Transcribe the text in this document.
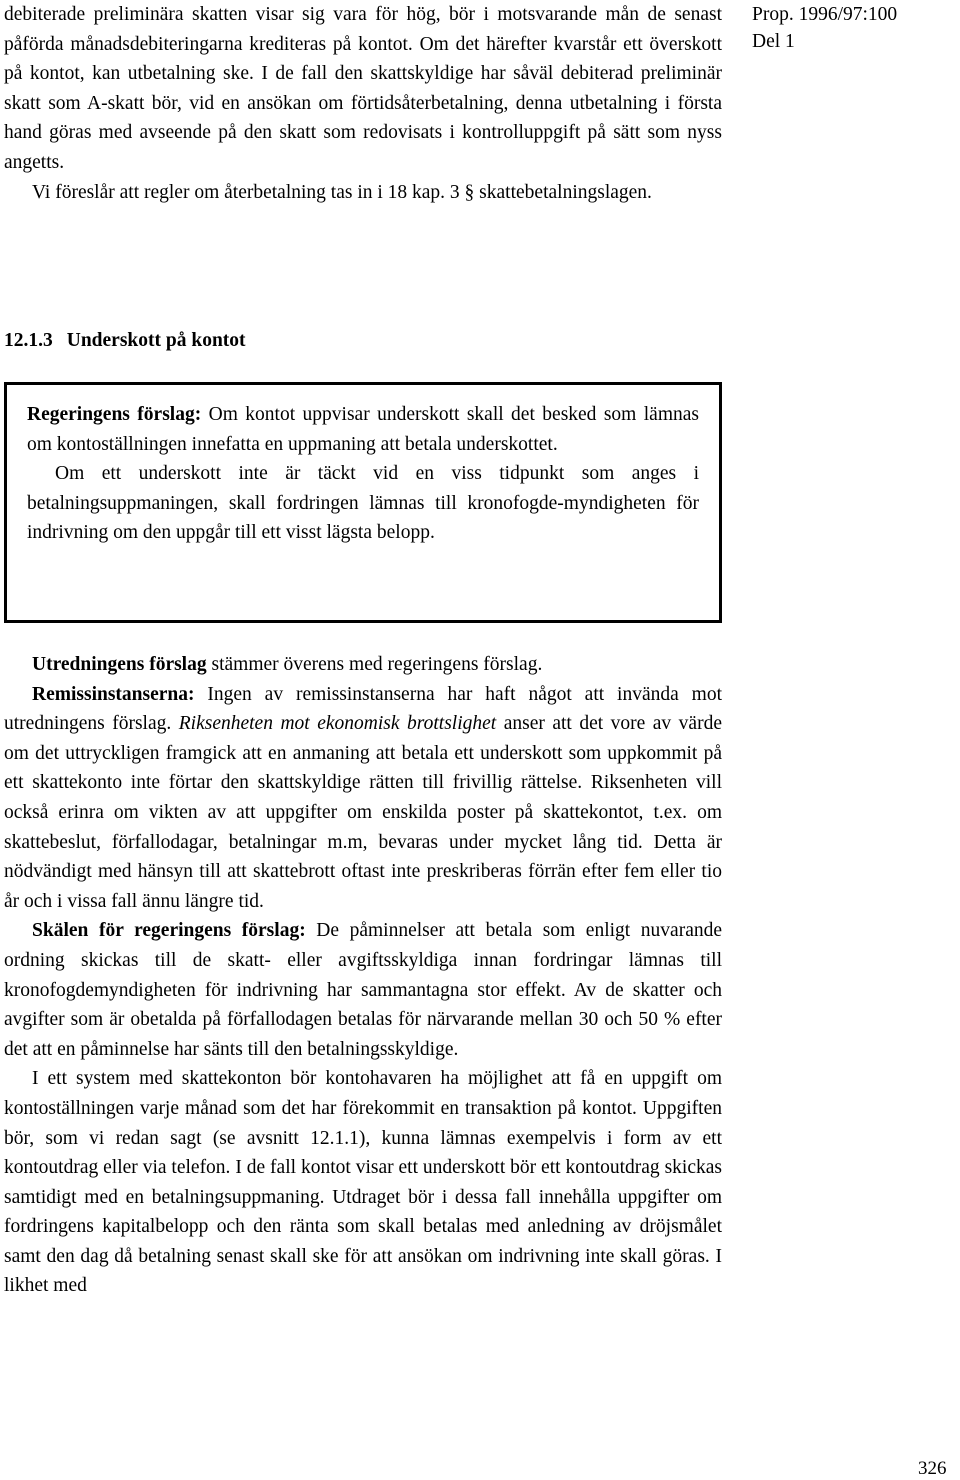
debiterade preliminära skatten visar sig vara för hög, bör i motsvarande mån de senast påförda månadsdebiteringarna krediteras på kontot. Om det härefter kvarstår ett överskott på kontot, kan utbetalning ske. I de fall den skattskyldige har såväl debiterad preliminär skatt som A-skatt bör, vid en ansökan om förtidsåterbetalning, denna utbetalning i första hand göras med avseende på den skatt som redovisats i kontrolluppgift på sätt som nyss angetts.

Vi föreslår att regler om återbetalning tas in i 18 kap. 3 § skattebetalningslagen.

12.1.3 Underskott på kontot

Regeringens förslag: Om kontot uppvisar underskott skall det besked som lämnas om kontoställningen innefatta en uppmaning att betala underskottet.

Om ett underskott inte är täckt vid en viss tidpunkt som anges i betalningsuppmaningen, skall fordringen lämnas till kronofogde-myndigheten för indrivning om den uppgår till ett visst lägsta belopp.

Utredningens förslag stämmer överens med regeringens förslag.

Remissinstanserna: Ingen av remissinstanserna har haft något att invända mot utredningens förslag. Riksenheten mot ekonomisk brottslighet anser att det vore av värde om det uttryckligen framgick att en anmaning att betala ett underskott som uppkommit på ett skattekonto inte förtar den skattskyldige rätten till frivillig rättelse. Riksenheten vill också erinra om vikten av att uppgifter om enskilda poster på skattekontot, t.ex. om skattebeslut, förfallodagar, betalningar m.m, bevaras under mycket lång tid. Detta är nödvändigt med hänsyn till att skattebrott oftast inte preskriberas förrän efter fem eller tio år och i vissa fall ännu längre tid.

Skälen för regeringens förslag: De påminnelser att betala som enligt nuvarande ordning skickas till de skatt- eller avgiftsskyldiga innan fordringar lämnas till kronofogdemyndigheten för indrivning har sammantagna stor effekt. Av de skatter och avgifter som är obetalda på förfallodagen betalas för närvarande mellan 30 och 50 % efter det att en påminnelse har sänts till den betalningsskyldige.

I ett system med skattekonton bör kontohavaren ha möjlighet att få en uppgift om kontoställningen varje månad som det har förekommit en transaktion på kontot. Uppgiften bör, som vi redan sagt (se avsnitt 12.1.1), kunna lämnas exempelvis i form av ett kontoutdrag eller via telefon. I de fall kontot visar ett underskott bör ett kontoutdrag skickas samtidigt med en betalningsuppmaning. Utdraget bör i dessa fall innehålla uppgifter om fordringens kapitalbelopp och den ränta som skall betalas med anledning av dröjsmålet samt den dag då betalning senast skall ske för att ansökan om indrivning inte skall göras. I likhet med

Prop. 1996/97:100
Del 1
326
